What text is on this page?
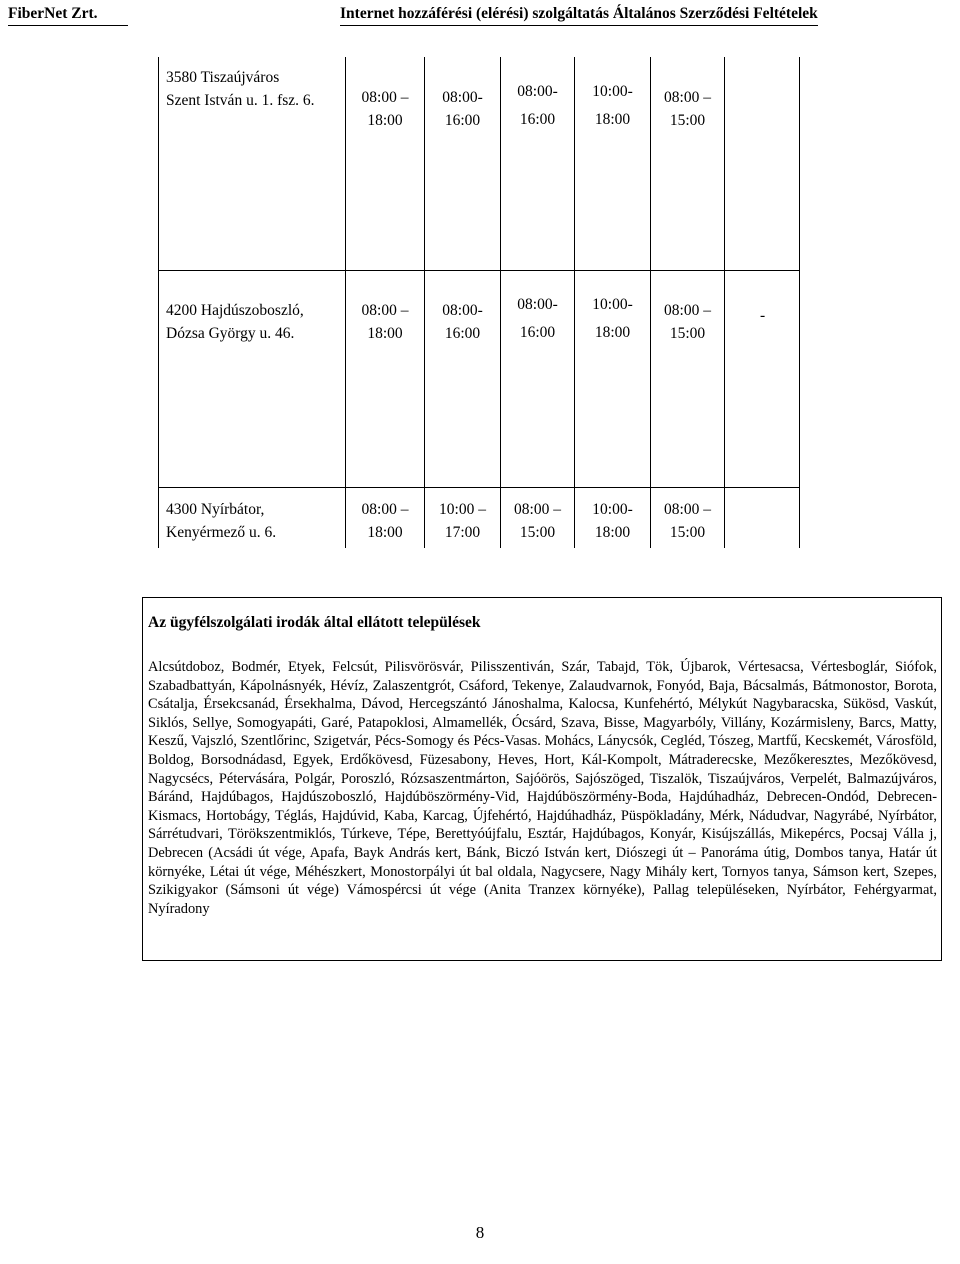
FiberNet Zrt.	Internet hozzáférési (elérési) szolgáltatás Általános Szerződési Feltételek
3580 Tiszaújváros
Szent István u. 1. fsz. 6.	08:00 –
18:00
08:00-
16:00
08:00-
16:00
10:00-
18:00
08:00 –
15:00
4200 Hajdúszoboszló,
Dózsa György u. 46.
08:00 –
18:00
08:00-
16:00
08:00-
16:00
10:00-
18:00
08:00 –
15:00
-
4300 Nyírbátor,
Kenyérmező u. 6.
08:00 –
18:00
10:00 –
17:00
08:00 –
15:00
10:00-
18:00
08:00 –
15:00
Az ügyfélszolgálati irodák által ellátott települések
Alcsútdoboz, Bodmér, Etyek, Felcsút, Pilisvörösvár, Pilisszentiván, Szár, Tabajd, Tök, Újbarok, Vértesacsa, Vértesboglár, Siófok, Szabadbattyán, Kápolnásnyék, Hévíz, Zalaszentgrót, Csáford, Tekenye, Zalaudvarnok, Fonyód, Baja, Bácsalmás, Bátmonostor, Borota, Csátalja, Érsekcsanád, Érsekhalma, Dávod, Hercegszántó Jánoshalma, Kalocsa, Kunfehértó, Mélykút Nagybaracska, Sükösd, Vaskút, Siklós, Sellye, Somogyapáti, Garé, Patapoklosi, Almamellék, Ócsárd, Szava, Bisse, Magyarbóly, Villány, Kozármisleny, Barcs, Matty, Keszű, Vajszló, Szentlőrinc, Szigetvár, Pécs-Somogy és Pécs-Vasas. Mohács, Lánycsók, Cegléd, Tószeg, Martfű, Kecskemét, Városföld, Boldog, Borsodnádasd, Egyek, Erdőkövesd, Füzesabony, Heves, Hort, Kál-Kompolt, Mátraderecske, Mezőkeresztes, Mezőkövesd, Nagycsécs, Pétervására, Polgár, Poroszló, Rózsaszentmárton, Sajóörös, Sajószöged, Tiszalök, Tiszaújváros, Verpelét, Balmazújváros, Báránd, Hajdúbagos, Hajdúszoboszló, Hajdúböszörmény-Vid, Hajdúböszörmény-Boda, Hajdúhadház, Debrecen-Ondód, Debrecen-Kismacs, Hortobágy, Téglás, Hajdúvid, Kaba, Karcag, Újfehértó, Hajdúhadház, Püspökladány, Mérk, Nádudvar, Nagyrábé, Nyírbátor, Sárrétudvari, Törökszentmiklós, Túrkeve, Tépe, Berettyóújfalu, Esztár, Hajdúbagos, Konyár, Kisújszállás, Mikepércs, Pocsaj Válla j, Debrecen (Acsádi út vége, Apafa, Bayk András kert, Bánk, Biczó István kert, Diószegi út – Panoráma útig, Dombos tanya, Határ út környéke, Létai út vége, Méhészkert, Monostorpályi út bal oldala, Nagycsere, Nagy Mihály kert, Tornyos tanya, Sámson kert, Szepes, Szikigyakor (Sámsoni út vége) Vámospércsi út vége (Anita Tranzex környéke), Pallag településeken, Nyírbátor, Fehérgyarmat, Nyíradony
8
